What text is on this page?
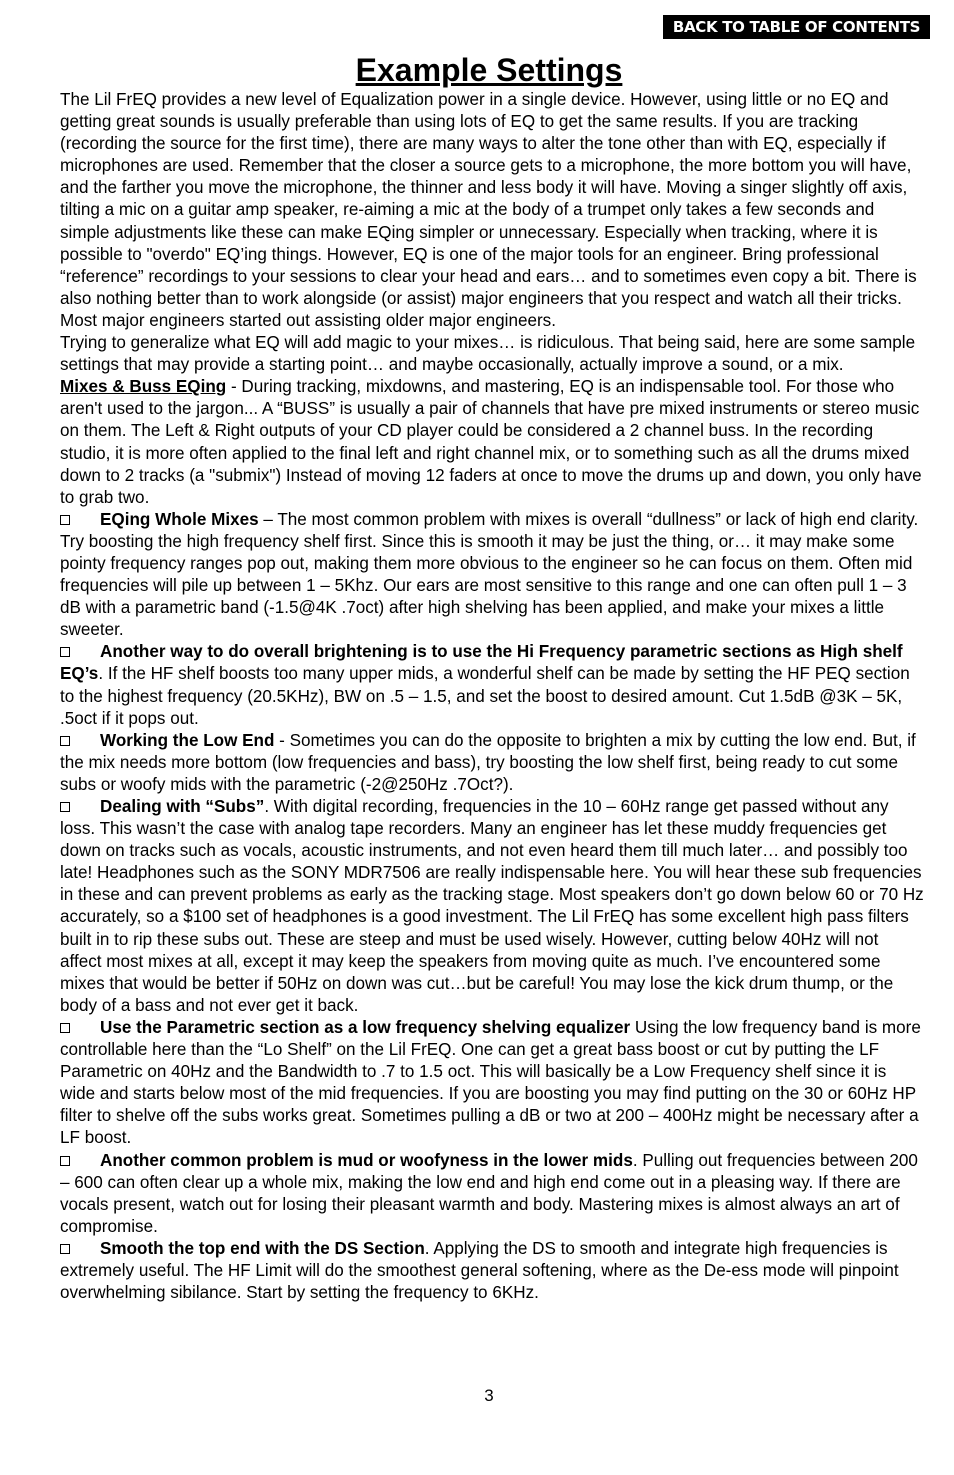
BACK TO TABLE OF CONTENTS
Example Settings

The Lil FrEQ provides a new level of Equalization power in a single device. However, using little or no EQ and getting great sounds is usually preferable than using lots of EQ to get the same results. If you are tracking (recording the source for the first time), there are many ways to alter the tone other than with EQ, especially if microphones are used. Remember that the closer a source gets to a microphone, the more bottom you will have, and the farther you move the microphone, the thinner and less body it will have. Moving a singer slightly off axis, tilting a mic on a guitar amp speaker, re-aiming a mic at the body of a trumpet only takes a few seconds and simple adjustments like these can make EQing simpler or unnecessary. Especially when tracking, where it is possible to "overdo" EQ’ing things. However, EQ is one of the major tools for an engineer. Bring professional “reference” recordings to your sessions to clear your head and ears… and to sometimes even copy a bit. There is also nothing better than to work alongside (or assist) major engineers that you respect and watch all their tricks. Most major engineers started out assisting older major engineers.

Trying to generalize what EQ will add magic to your mixes… is ridiculous. That being said, here are some sample settings that may provide a starting point… and maybe occasionally, actually improve a sound, or a mix.

Mixes & Buss EQing - During tracking, mixdowns, and mastering, EQ is an indispensable tool. For those who aren't used to the jargon... A “BUSS” is usually a pair of channels that have pre mixed instruments or stereo music on them. The Left & Right outputs of your CD player could be considered a 2 channel buss. In the recording studio, it is more often applied to the final left and right channel mix, or to something such as all the drums mixed down to 2 tracks (a "submix") Instead of moving 12 faders at once to move the drums up and down, you only have to grab two.

EQing Whole Mixes – The most common problem with mixes is overall “dullness” or lack of high end clarity. Try boosting the high frequency shelf first. Since this is smooth it may be just the thing, or… it may make some pointy frequency ranges pop out, making them more obvious to the engineer so he can focus on them. Often mid frequencies will pile up between 1 – 5Khz. Our ears are most sensitive to this range and one can often pull 1 – 3 dB with a parametric band (-1.5@4K .7oct) after high shelving has been applied, and make your mixes a little sweeter.

Another way to do overall brightening is to use the Hi Frequency parametric sections as High shelf EQ’s. If the HF shelf boosts too many upper mids, a wonderful shelf can be made by setting the HF PEQ section to the highest frequency (20.5KHz), BW on .5 – 1.5, and set the boost to desired amount. Cut 1.5dB @3K – 5K, .5oct if it pops out.

Working the Low End - Sometimes you can do the opposite to brighten a mix by cutting the low end. But, if the mix needs more bottom (low frequencies and bass), try boosting the low shelf first, being ready to cut some subs or woofy mids with the parametric (-2@250Hz .7Oct?).

Dealing with “Subs”. With digital recording, frequencies in the 10 – 60Hz range get passed without any loss. This wasn’t the case with analog tape recorders. Many an engineer has let these muddy frequencies get down on tracks such as vocals, acoustic instruments, and not even heard them till much later… and possibly too late! Headphones such as the SONY MDR7506 are really indispensable here. You will hear these sub frequencies in these and can prevent problems as early as the tracking stage. Most speakers don’t go down below 60 or 70 Hz accurately, so a $100 set of headphones is a good investment. The Lil FrEQ has some excellent high pass filters built in to rip these subs out. These are steep and must be used wisely. However, cutting below 40Hz will not affect most mixes at all, except it may keep the speakers from moving quite as much. I’ve encountered some mixes that would be better if 50Hz on down was cut…but be careful! You may lose the kick drum thump, or the body of a bass and not ever get it back.

Use the Parametric section as a low frequency shelving equalizer Using the low frequency band is more controllable here than the “Lo Shelf” on the Lil FrEQ. One can get a great bass boost or cut by putting the LF Parametric on 40Hz and the Bandwidth to .7 to 1.5 oct. This will basically be a Low Frequency shelf since it is wide and starts below most of the mid frequencies. If you are boosting you may find putting on the 30 or 60Hz HP filter to shelve off the subs works great. Sometimes pulling a dB or two at 200 – 400Hz might be necessary after a LF boost.

Another common problem is mud or woofyness in the lower mids. Pulling out frequencies between 200 – 600 can often clear up a whole mix, making the low end and high end come out in a pleasing way. If there are vocals present, watch out for losing their pleasant warmth and body. Mastering mixes is almost always an art of compromise.

Smooth the top end with the DS Section. Applying the DS to smooth and integrate high frequencies is extremely useful. The HF Limit will do the smoothest general softening, where as the De-ess mode will pinpoint overwhelming sibilance. Start by setting the frequency to 6KHz.

3
